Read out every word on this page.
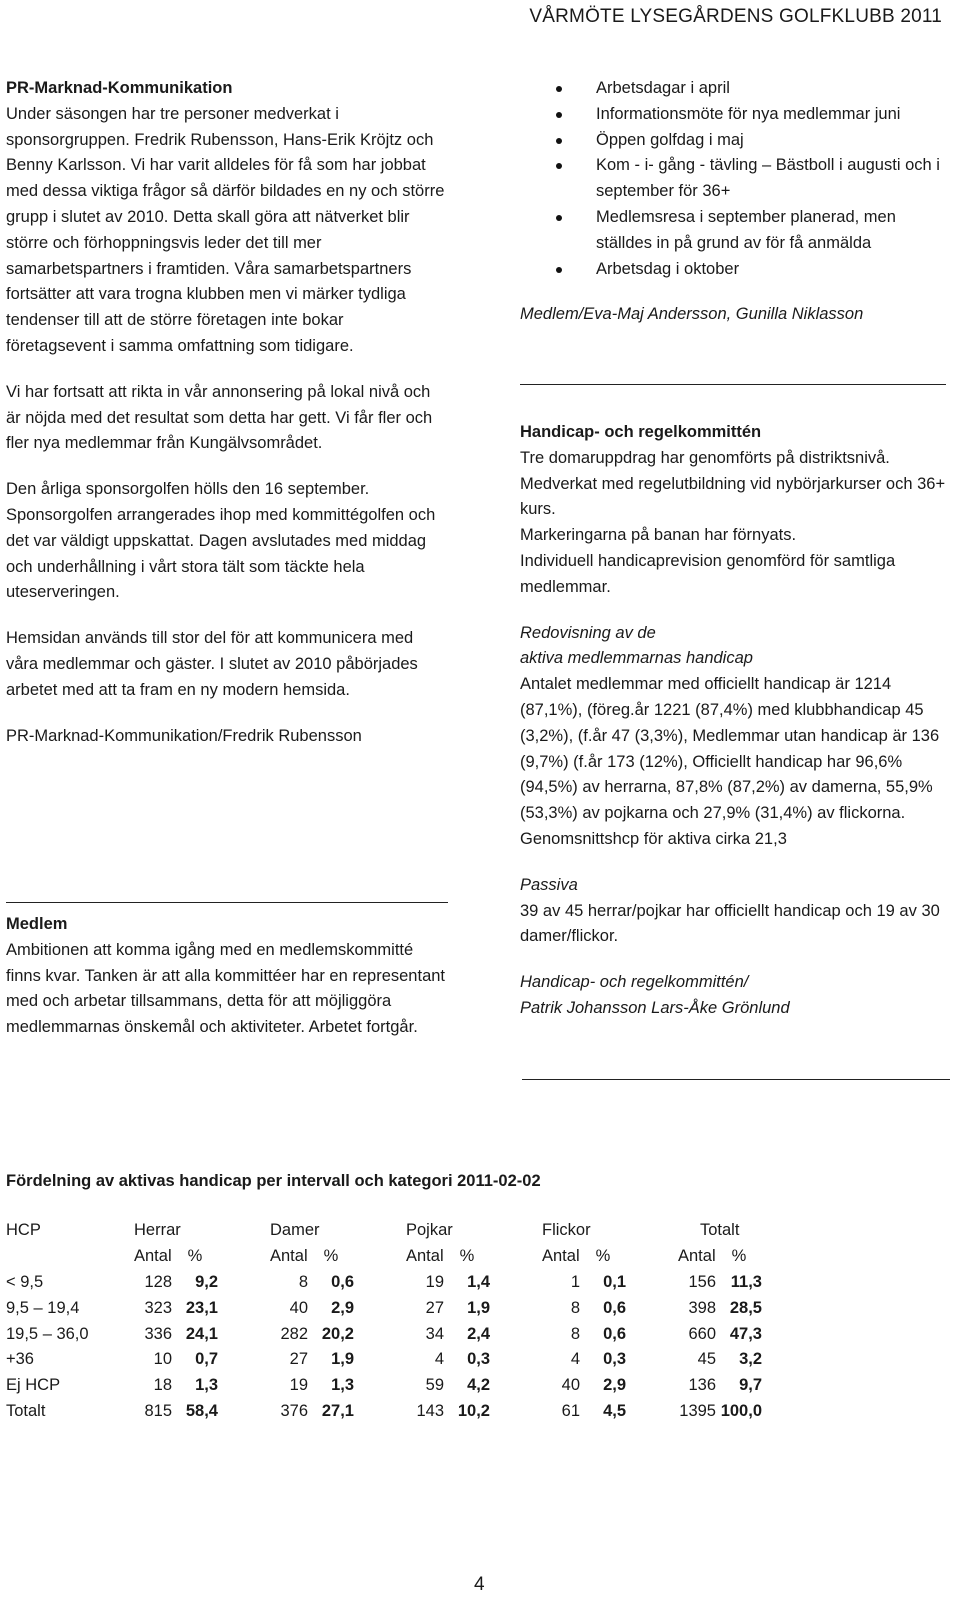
VÅRMÖTE LYSEGÅRDENS GOLFKLUBB 2011
PR-Marknad-Kommunikation
Under säsongen har tre personer medverkat i sponsorgruppen. Fredrik Rubensson, Hans-Erik Kröjtz och Benny Karlsson. Vi har varit alldeles för få som har jobbat med dessa viktiga frågor så därför bildades en ny och större grupp i slutet av 2010. Detta skall göra att nätverket blir större och förhoppningsvis leder det till mer samarbetspartners i framtiden. Våra samarbetspartners fortsätter att vara trogna klubben men vi märker tydliga tendenser till att de större företagen inte bokar företagsevent i samma omfattning som tidigare.
Vi har fortsatt att rikta in vår annonsering på lokal nivå och är nöjda med det resultat som detta har gett. Vi får fler och fler nya medlemmar från Kungälvsområdet.
Den årliga sponsorgolfen hölls den 16 september. Sponsorgolfen arrangerades ihop med kommittégolfen och det var väldigt uppskattat. Dagen avslutades med middag och underhållning i vårt stora tält som täckte hela uteserveringen.
Hemsidan används till stor del för att kommunicera med våra medlemmar och gäster. I slutet av 2010 påbörjades arbetet med att ta fram en ny modern hemsida.
PR-Marknad-Kommunikation/Fredrik Rubensson
Medlem
Ambitionen att komma igång med en medlemskommitté finns kvar. Tanken är att alla kommittéer har en representant med och arbetar tillsammans, detta för att möjliggöra medlemmarnas önskemål och aktiviteter. Arbetet fortgår.
Arbetsdagar i april
Informationsmöte för nya medlemmar juni
Öppen golfdag i maj
Kom - i- gång - tävling – Bästboll i augusti och i september för 36+
Medlemsresa i september planerad, men ställdes in på grund av för få anmälda
Arbetsdag i oktober
Medlem/Eva-Maj Andersson, Gunilla Niklasson
Handicap- och regelkommittén
Tre domaruppdrag har genomförts på distriktsnivå. Medverkat med regelutbildning vid nybörjarkurser och 36+ kurs.
Markeringarna på banan har förnyats.
Individuell handicaprevision genomförd för samtliga medlemmar.
Redovisning av de
aktiva medlemmarnas handicap
Antalet medlemmar med officiellt handicap är 1214 (87,1%), (föreg.år 1221 (87,4%) med klubbhandicap 45 (3,2%), (f.år 47 (3,3%), Medlemmar utan handicap är 136 (9,7%) (f.år 173 (12%), Officiellt handicap har 96,6% (94,5%) av herrarna, 87,8% (87,2%) av damerna, 55,9% (53,3%) av pojkarna och 27,9% (31,4%) av flickorna. Genomsnittshcp för aktiva cirka 21,3
Passiva
39 av 45 herrar/pojkar har officiellt handicap och 19 av 30 damer/flickor.
Handicap- och regelkommittén/
Patrik Johansson Lars-Åke Grönlund
Fördelning av aktivas handicap per intervall och kategori 2011-02-02
HCP	Herrar			Damer			Pojkar			Flickor			Totalt	
	Antal	%		Antal	%		Antal	%		Antal	%		Antal	%
< 9,5	128	9,2		8	0,6		19	1,4		1	0,1		156	11,3
9,5 – 19,4	323	23,1		40	2,9		27	1,9		8	0,6		398	28,5
19,5 – 36,0	336	24,1		282	20,2		34	2,4		8	0,6		660	47,3
+36	10	0,7		27	1,9		4	0,3		4	0,3		45	3,2
Ej HCP	18	1,3		19	1,3		59	4,2		40	2,9		136	9,7
Totalt	815	58,4		376	27,1		143	10,2		61	4,5		1395	100,0
4
